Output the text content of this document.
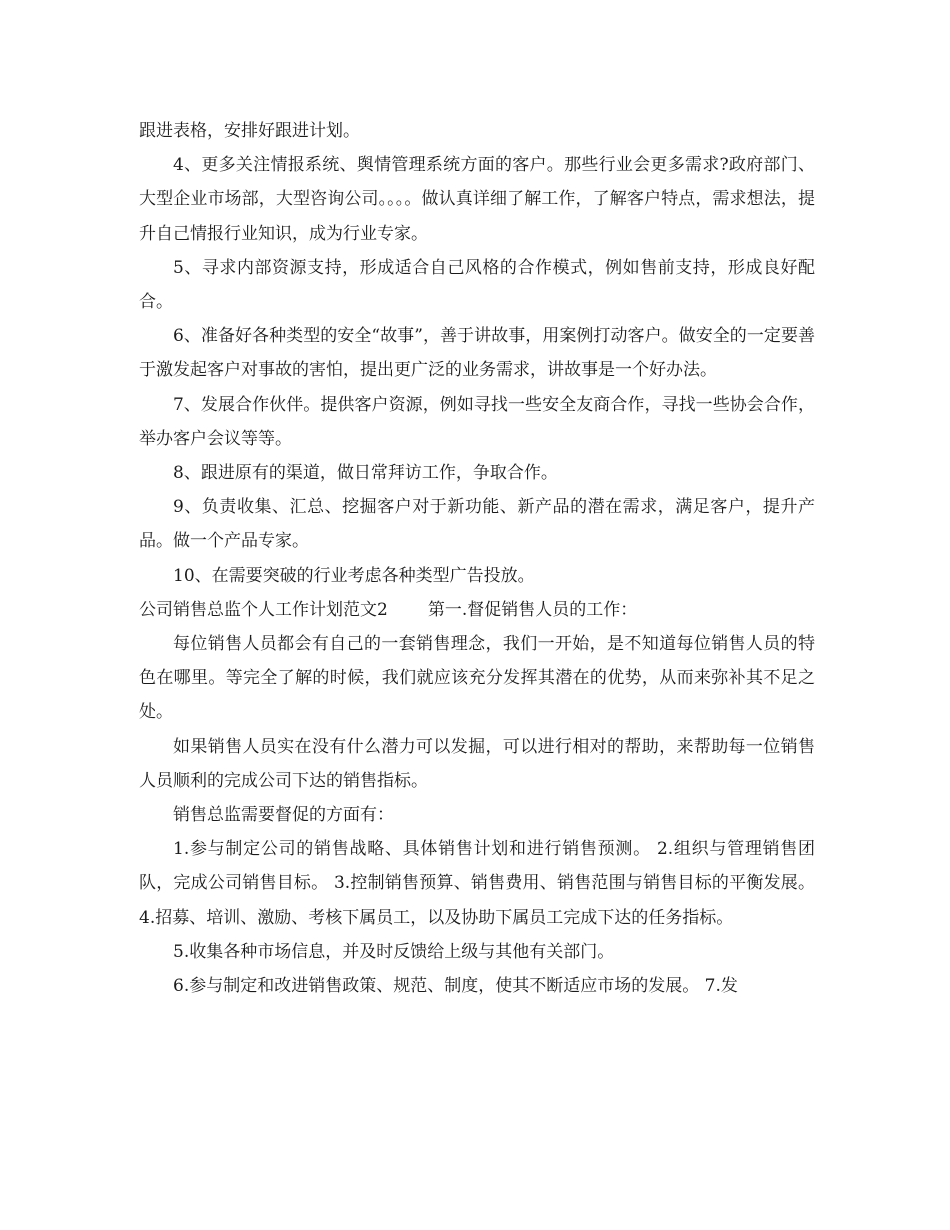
跟进表格，安排好跟进计划。

4、更多关注情报系统、舆情管理系统方面的客户。那些行业会更多需求?政府部门、大型企业市场部，大型咨询公司。。。。做认真详细了解工作，了解客户特点，需求想法，提升自己情报行业知识，成为行业专家。

5、寻求内部资源支持，形成适合自己风格的合作模式，例如售前支持，形成良好配合。

6、准备好各种类型的安全“故事”，善于讲故事，用案例打动客户。做安全的一定要善于激发起客户对事故的害怕，提出更广泛的业务需求，讲故事是一个好办法。

7、发展合作伙伴。提供客户资源，例如寻找一些安全友商合作，寻找一些协会合作，举办客户会议等等。

8、跟进原有的渠道，做日常拜访工作，争取合作。

9、负责收集、汇总、挖掘客户对于新功能、新产品的潜在需求，满足客户，提升产品。做一个产品专家。

10、在需要突破的行业考虑各种类型广告投放。

公司销售总监个人工作计划范文2 第一.督促销售人员的工作：

每位销售人员都会有自己的一套销售理念，我们一开始，是不知道每位销售人员的特色在哪里。等完全了解的时候，我们就应该充分发挥其潜在的优势，从而来弥补其不足之处。

如果销售人员实在没有什么潜力可以发掘，可以进行相对的帮助，来帮助每一位销售人员顺利的完成公司下达的销售指标。

销售总监需要督促的方面有：

1.参与制定公司的销售战略、具体销售计划和进行销售预测。 2.组织与管理销售团队，完成公司销售目标。 3.控制销售预算、销售费用、销售范围与销售目标的平衡发展。 4.招募、培训、激励、考核下属员工，以及协助下属员工完成下达的任务指标。

5.收集各种市场信息，并及时反馈给上级与其他有关部门。

6.参与制定和改进销售政策、规范、制度，使其不断适应市场的发展。 7.发
